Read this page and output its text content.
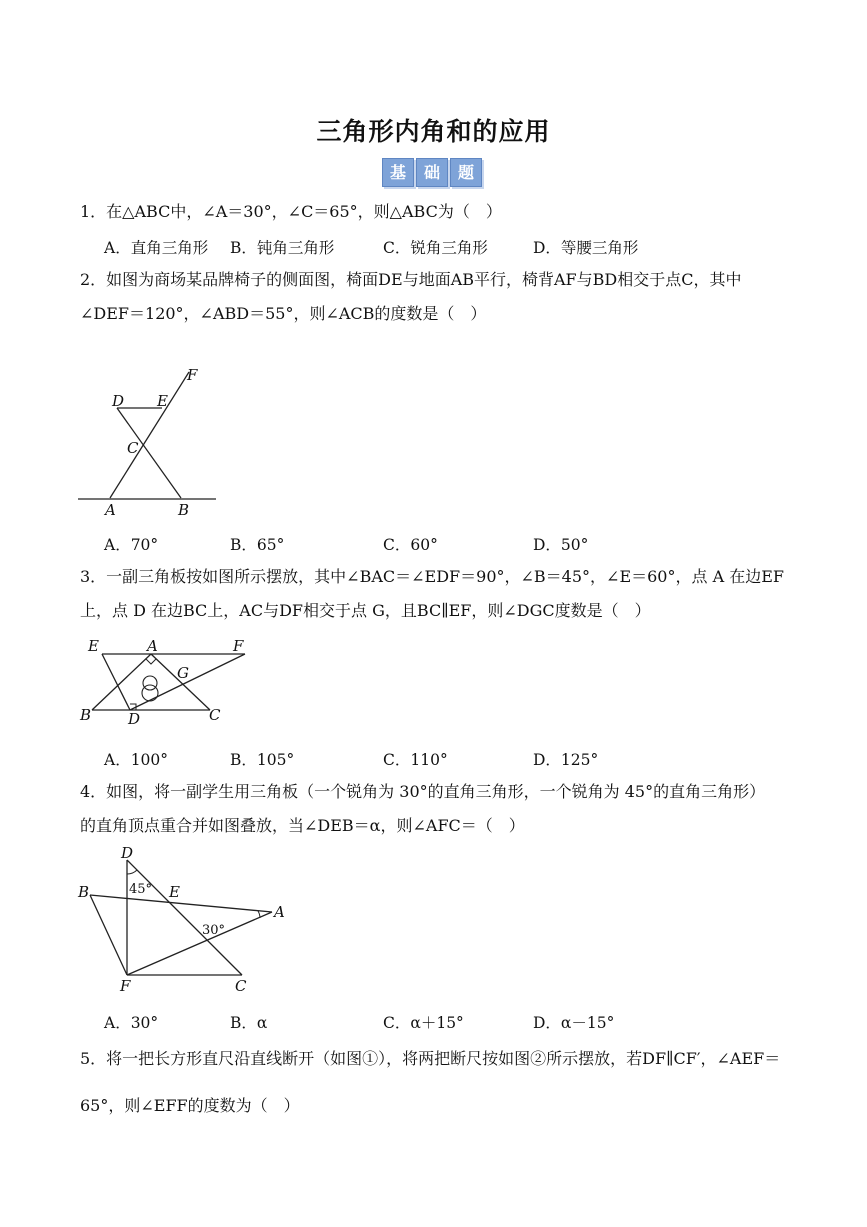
三角形内角和的应用
基	础	题
1．在△ABC中，∠A＝30°，∠C＝65°，则△ABC为（　）
A．直角三角形 B．钝角三角形	C．锐角三角形	D．等腰三角形
2．如图为商场某品牌椅子的侧面图，椅面DE与地面AB平行，椅背AF与BD相交于点C，其中
∠DEF＝120°，∠ABD＝55°，则∠ACB的度数是（　）
F
D E
C
A	B
A．70°	B．65°	C．60°	D．50°
3．一副三角板按如图所示摆放，其中∠BAC＝∠EDF＝90°，∠B＝45°，∠E＝60°，点 A 在边EF
上，点 D 在边BC上，AC与DF相交于点 G，且BC∥EF，则∠DGC度数是（　）
E	A	F
G
B D	C
A．100°	B．105°	C．110°	D．125°
4．如图，将一副学生用三角板（一个锐角为 30°的直角三角形，一个锐角为 45°的直角三角形）
的直角顶点重合并如图叠放，当∠DEB＝α，则∠AFC＝（　）
D
B	E
A
F	C
45°
30°
A．30°	B．α	C．α＋15°	D．α－15°
5．将一把长方形直尺沿直线断开（如图①），将两把断尺按如图②所示摆放，若DF∥CF′，∠AEF＝
65°，则∠EFF的度数为（　）
